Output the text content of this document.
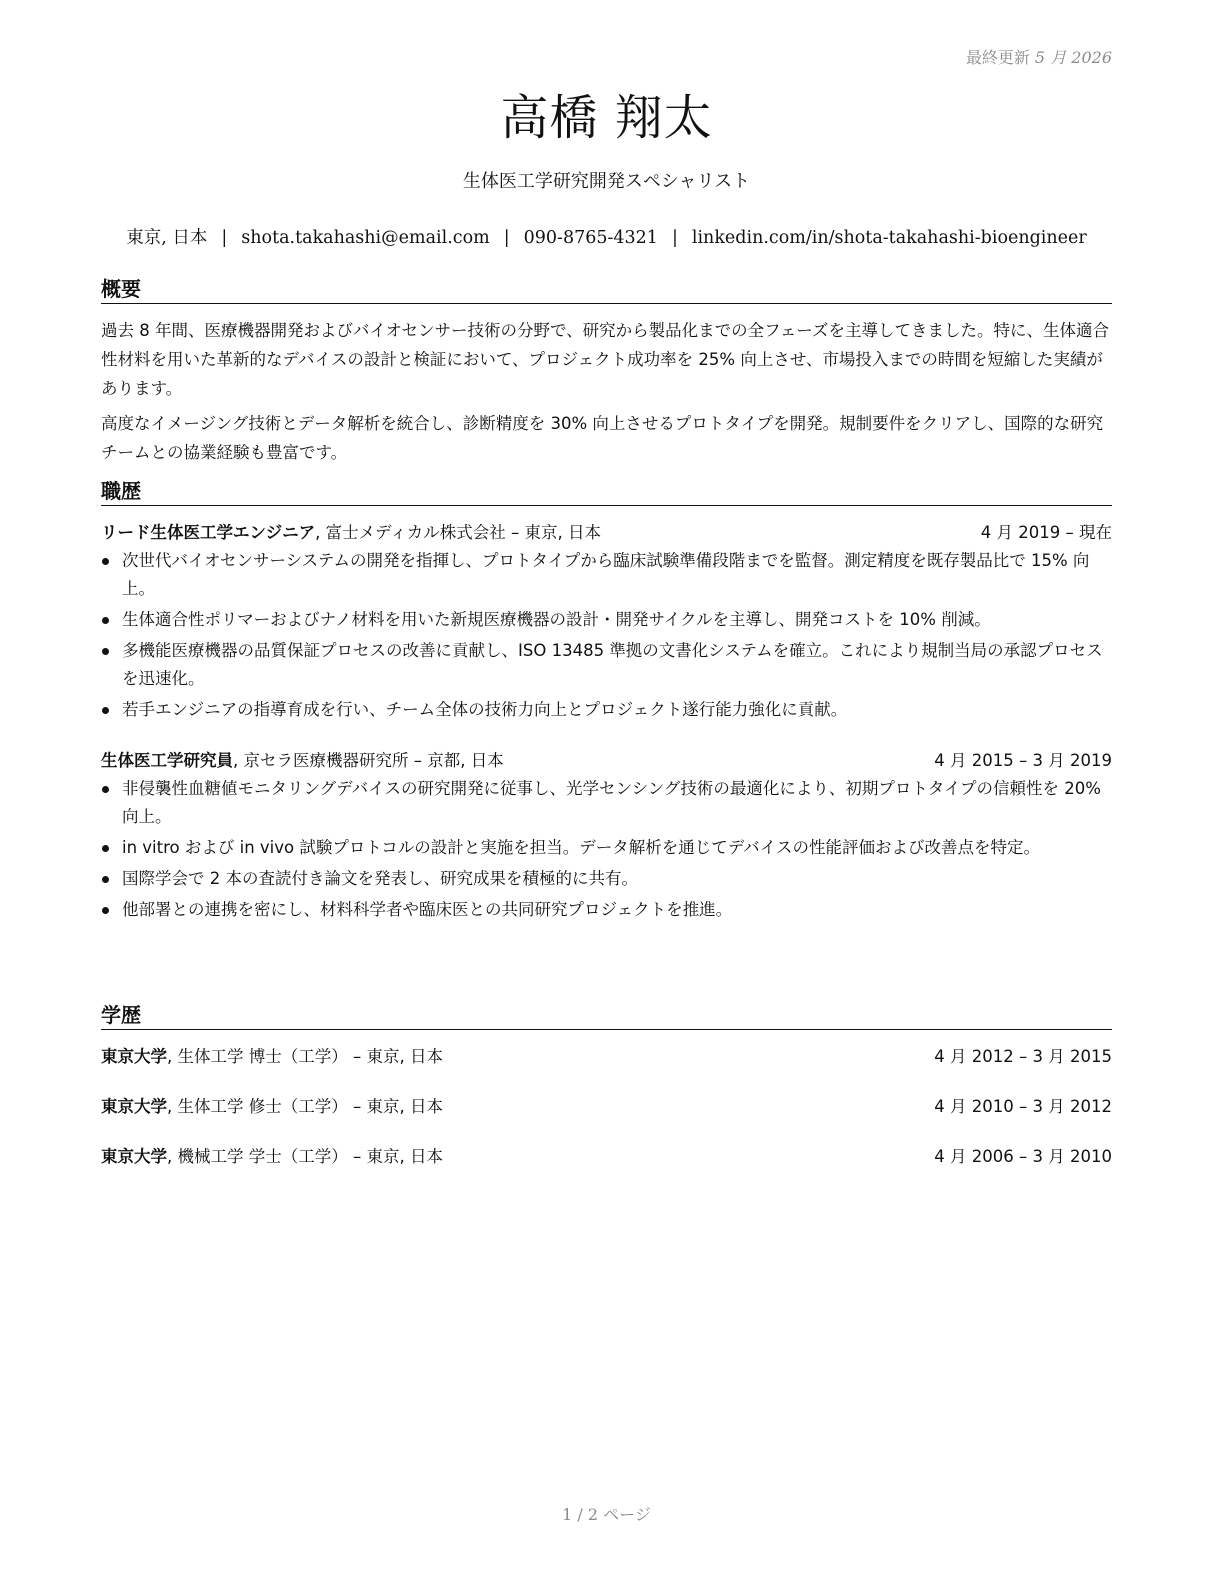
最終更新 5 月 2026
高橋 翔太
生体医工学研究開発スペシャリスト
東京, 日本 | shota.takahashi@email.com | 090-8765-4321 | linkedin.com/in/shota-takahashi-bioengineer
概要

過去 8 年間、医療機器開発およびバイオセンサー技術の分野で、研究から製品化までの全フェーズを主導してきました。特に、生体適合性材料を用いた革新的なデバイスの設計と検証において、プロジェクト成功率を 25% 向上させ、市場投入までの時間を短縮した実績があります。

高度なイメージング技術とデータ解析を統合し、診断精度を 30% 向上させるプロトタイプを開発。規制要件をクリアし、国際的な研究チームとの協業経験も豊富です。

職歴
リード生体医工学エンジニア, 富士メディカル株式会社 – 東京, 日本	4 月 2019 – 現在
次世代バイオセンサーシステムの開発を指揮し、プロトタイプから臨床試験準備段階までを監督。測定精度を既存製品比で 15% 向上。
生体適合性ポリマーおよびナノ材料を用いた新規医療機器の設計・開発サイクルを主導し、開発コストを 10% 削減。
多機能医療機器の品質保証プロセスの改善に貢献し、ISO 13485 準拠の文書化システムを確立。これにより規制当局の承認プロセスを迅速化。
若手エンジニアの指導育成を行い、チーム全体の技術力向上とプロジェクト遂行能力強化に貢献。
生体医工学研究員, 京セラ医療機器研究所 – 京都, 日本	4 月 2015 – 3 月 2019
非侵襲性血糖値モニタリングデバイスの研究開発に従事し、光学センシング技術の最適化により、初期プロトタイプの信頼性を 20% 向上。
in vitro および in vivo 試験プロトコルの設計と実施を担当。データ解析を通じてデバイスの性能評価および改善点を特定。
国際学会で 2 本の査読付き論文を発表し、研究成果を積極的に共有。
他部署との連携を密にし、材料科学者や臨床医との共同研究プロジェクトを推進。
学歴
東京大学, 生体工学 博士（工学） – 東京, 日本	4 月 2012 – 3 月 2015
東京大学, 生体工学 修士（工学） – 東京, 日本	4 月 2010 – 3 月 2012
東京大学, 機械工学 学士（工学） – 東京, 日本	4 月 2006 – 3 月 2010
1 / 2 ページ
